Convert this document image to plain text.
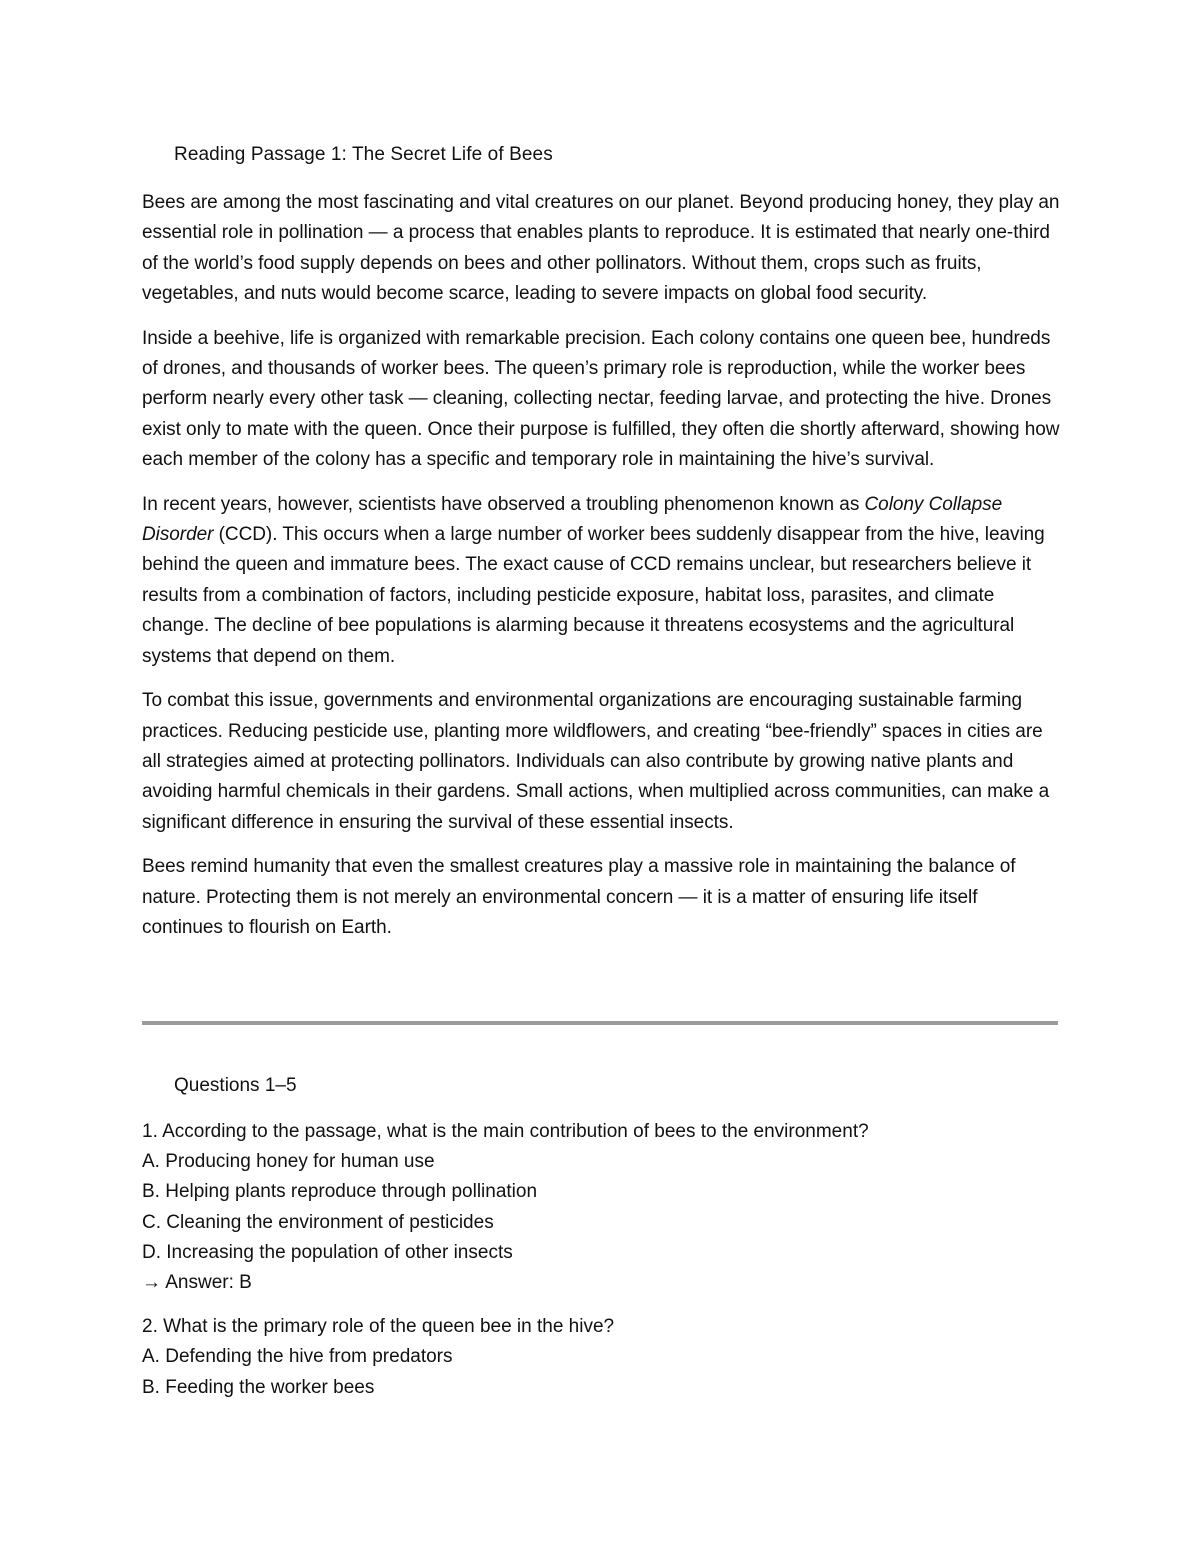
Reading Passage 1: The Secret Life of Bees

Bees are among the most fascinating and vital creatures on our planet. Beyond producing honey, they play an essential role in pollination — a process that enables plants to reproduce. It is estimated that nearly one-third of the world’s food supply depends on bees and other pollinators. Without them, crops such as fruits, vegetables, and nuts would become scarce, leading to severe impacts on global food security.

Inside a beehive, life is organized with remarkable precision. Each colony contains one queen bee, hundreds of drones, and thousands of worker bees. The queen’s primary role is reproduction, while the worker bees perform nearly every other task — cleaning, collecting nectar, feeding larvae, and protecting the hive. Drones exist only to mate with the queen. Once their purpose is fulfilled, they often die shortly afterward, showing how each member of the colony has a specific and temporary role in maintaining the hive’s survival.

In recent years, however, scientists have observed a troubling phenomenon known as Colony Collapse Disorder (CCD). This occurs when a large number of worker bees suddenly disappear from the hive, leaving behind the queen and immature bees. The exact cause of CCD remains unclear, but researchers believe it results from a combination of factors, including pesticide exposure, habitat loss, parasites, and climate change. The decline of bee populations is alarming because it threatens ecosystems and the agricultural systems that depend on them.

To combat this issue, governments and environmental organizations are encouraging sustainable farming practices. Reducing pesticide use, planting more wildflowers, and creating “bee-friendly” spaces in cities are all strategies aimed at protecting pollinators. Individuals can also contribute by growing native plants and avoiding harmful chemicals in their gardens. Small actions, when multiplied across communities, can make a significant difference in ensuring the survival of these essential insects.

Bees remind humanity that even the smallest creatures play a massive role in maintaining the balance of nature. Protecting them is not merely an environmental concern — it is a matter of ensuring life itself continues to flourish on Earth.

Questions 1–5
1. According to the passage, what is the main contribution of bees to the environment?
A. Producing honey for human use
B. Helping plants reproduce through pollination
C. Cleaning the environment of pesticides
D. Increasing the population of other insects
→ Answer: B
2. What is the primary role of the queen bee in the hive?
A. Defending the hive from predators
B. Feeding the worker bees
